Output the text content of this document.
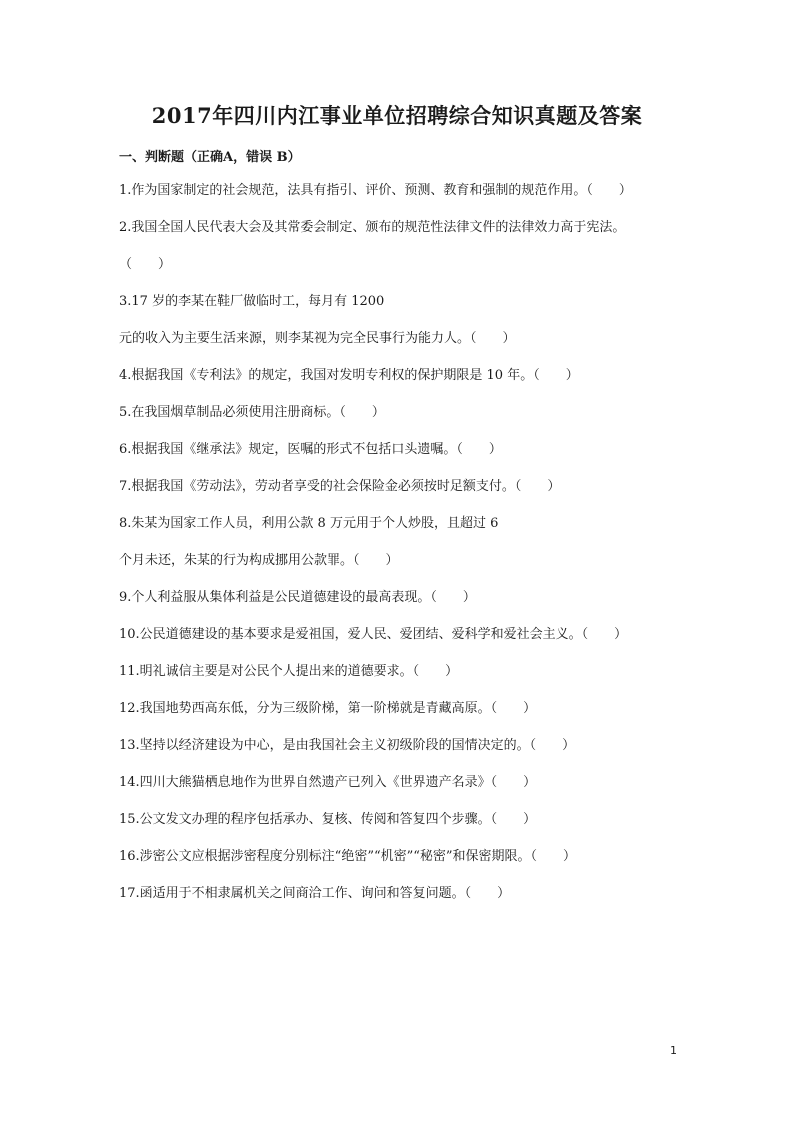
2017年四川内江事业单位招聘综合知识真题及答案
一、判断题（正确A，错误 B）
1.作为国家制定的社会规范，法具有指引、评价、预测、教育和强制的规范作用。（　　）
2.我国全国人民代表大会及其常委会制定、颁布的规范性法律文件的法律效力高于宪法。
（　　）
3.17 岁的李某在鞋厂做临时工，每月有 1200
元的收入为主要生活来源，则李某视为完全民事行为能力人。（　　）
4.根据我国《专利法》的规定，我国对发明专利权的保护期限是 10 年。（　　）
5.在我国烟草制品必须使用注册商标。（　　）
6.根据我国《继承法》规定，医嘱的形式不包括口头遗嘱。（　　）
7.根据我国《劳动法》，劳动者享受的社会保险金必须按时足额支付。（　　）
8.朱某为国家工作人员，利用公款 8 万元用于个人炒股，且超过 6
个月未还，朱某的行为构成挪用公款罪。（　　）
9.个人利益服从集体利益是公民道德建设的最高表现。（　　）
10.公民道德建设的基本要求是爱祖国，爱人民、爱团结、爱科学和爱社会主义。（　　）
11.明礼诚信主要是对公民个人提出来的道德要求。（　　）
12.我国地势西高东低，分为三级阶梯，第一阶梯就是青藏高原。（　　）
13.坚持以经济建设为中心，是由我国社会主义初级阶段的国情决定的。（　　）
14.四川大熊猫栖息地作为世界自然遗产已列入《世界遗产名录》（　　）
15.公文发文办理的程序包括承办、复核、传阅和答复四个步骤。（　　）
16.涉密公文应根据涉密程度分别标注“绝密”“机密”“秘密”和保密期限。（　　）
17.函适用于不相隶属机关之间商洽工作、询问和答复问题。（　　）
1
